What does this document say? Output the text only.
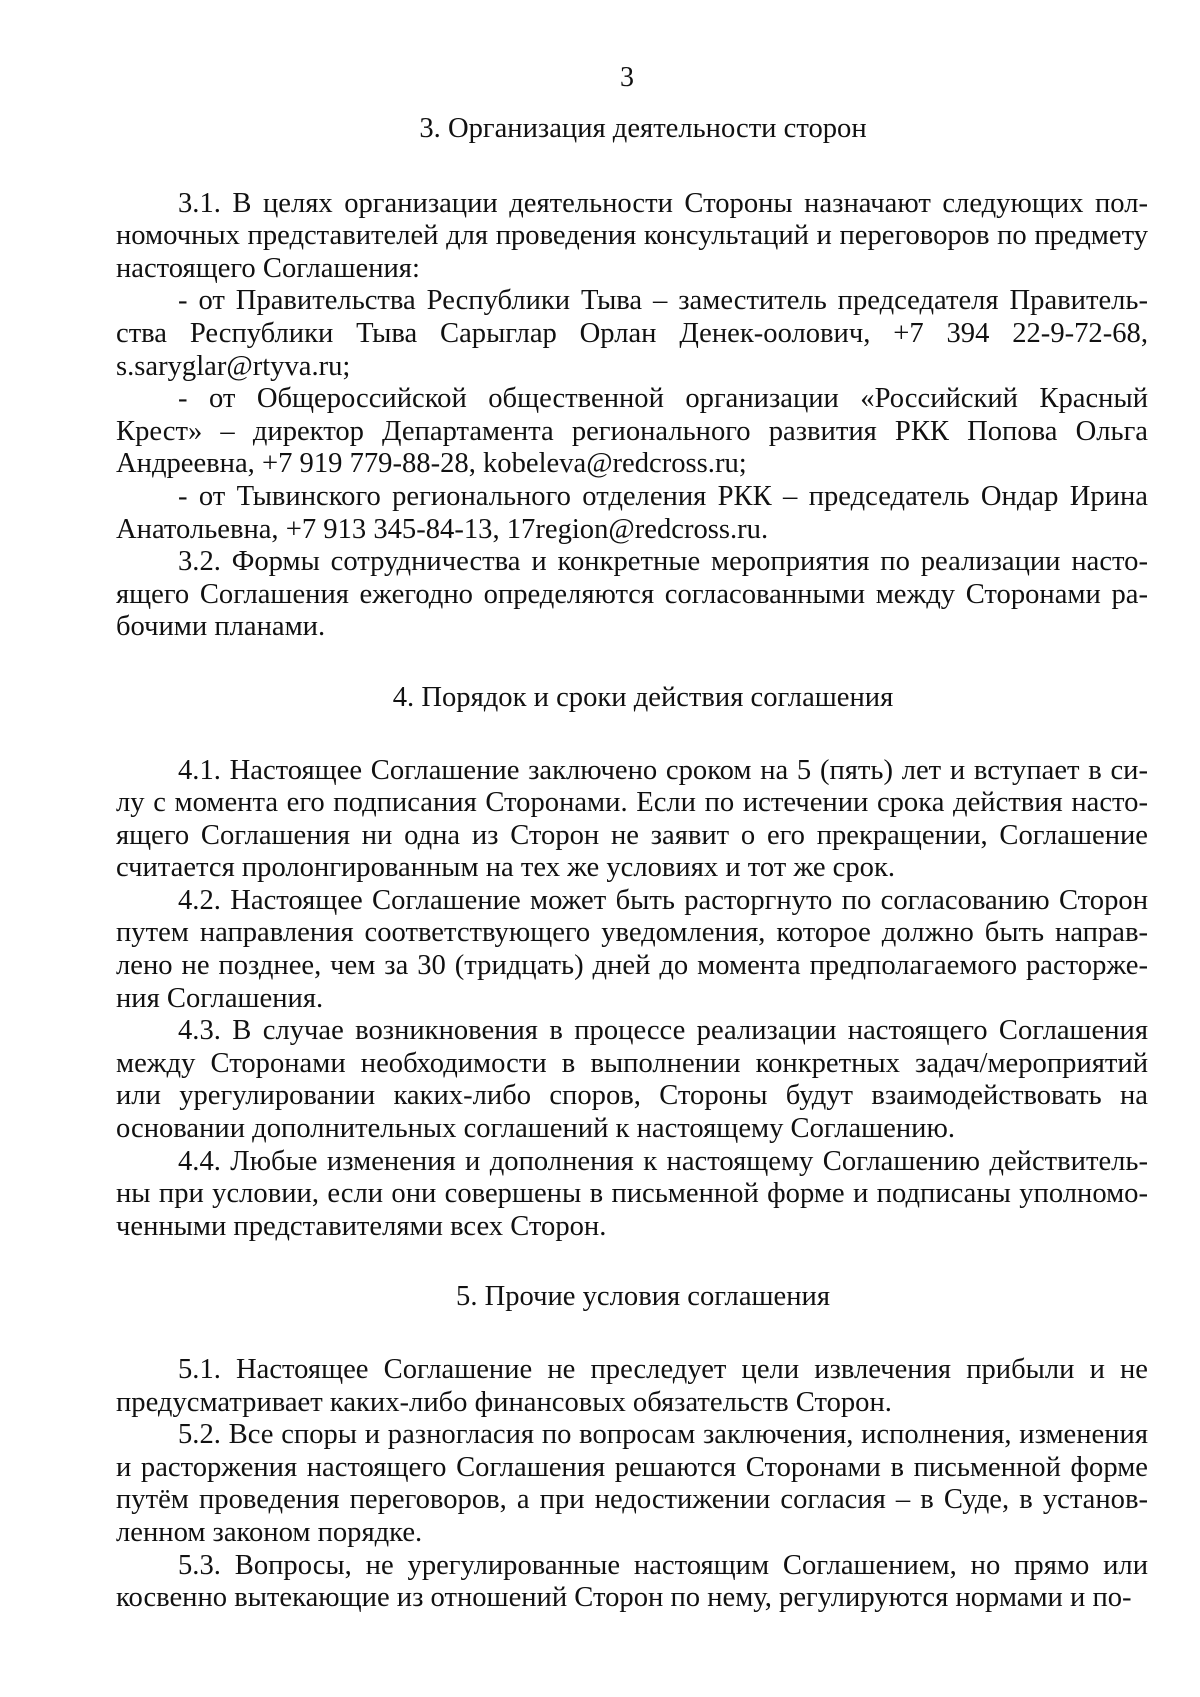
3
3. Организация деятельности сторон

3.1. В целях организации деятельности Стороны назначают следующих полномочных представителей для проведения консультаций и переговоров по предмету настоящего Соглашения:

- от Правительства Республики Тыва – заместитель председателя Правительства Республики Тыва Сарыглар Орлан Денек-оолович, +7 394 22-9-72-68, s.saryglar@rtyva.ru;

- от Общероссийской общественной организации «Российский Красный Крест» – директор Департамента регионального развития РКК Попова Ольга Андреевна, +7 919 779-88-28, kobeleva@redcross.ru;

- от Тывинского регионального отделения РКК – председатель Ондар Ирина Анатольевна, +7 913 345-84-13, 17region@redcross.ru.

3.2. Формы сотрудничества и конкретные мероприятия по реализации настоящего Соглашения ежегодно определяются согласованными между Сторонами рабочими планами.

4. Порядок и сроки действия соглашения

4.1. Настоящее Соглашение заключено сроком на 5 (пять) лет и вступает в силу с момента его подписания Сторонами. Если по истечении срока действия настоящего Соглашения ни одна из Сторон не заявит о его прекращении, Соглашение считается пролонгированным на тех же условиях и тот же срок.

4.2. Настоящее Соглашение может быть расторгнуто по согласованию Сторон путем направления соответствующего уведомления, которое должно быть направлено не позднее, чем за 30 (тридцать) дней до момента предполагаемого расторжения Соглашения.

4.3. В случае возникновения в процессе реализации настоящего Соглашения между Сторонами необходимости в выполнении конкретных задач/мероприятий или урегулировании каких-либо споров, Стороны будут взаимодействовать на основании дополнительных соглашений к настоящему Соглашению.

4.4. Любые изменения и дополнения к настоящему Соглашению действительны при условии, если они совершены в письменной форме и подписаны уполномоченными представителями всех Сторон.

5. Прочие условия соглашения

5.1. Настоящее Соглашение не преследует цели извлечения прибыли и не предусматривает каких-либо финансовых обязательств Сторон.

5.2. Все споры и разногласия по вопросам заключения, исполнения, изменения и расторжения настоящего Соглашения решаются Сторонами в письменной форме путём проведения переговоров, а при недостижении согласия – в Суде, в установленном законом порядке.

5.3. Вопросы, не урегулированные настоящим Соглашением, но прямо или косвенно вытекающие из отношений Сторон по нему, регулируются нормами и по-
